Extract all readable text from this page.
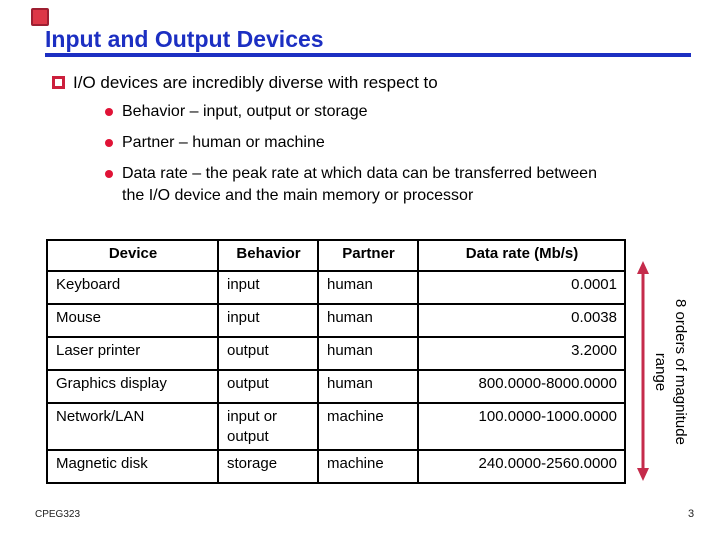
Input and Output Devices
I/O devices are incredibly diverse with respect to
Behavior – input, output or storage
Partner – human or machine
Data rate – the peak rate at which data can be transferred between the I/O device and the main memory or processor
Device	Behavior	Partner	Data rate (Mb/s)
Keyboard	input	human	0.0001
Mouse	input	human	0.0038
Laser printer	output	human	3.2000
Graphics display	output	human	800.0000-8000.0000
Network/LAN	input or output	machine	100.0000-1000.0000
Magnetic disk	storage	machine	240.0000-2560.0000
8 orders of magnitude
range
CPEG323	3
